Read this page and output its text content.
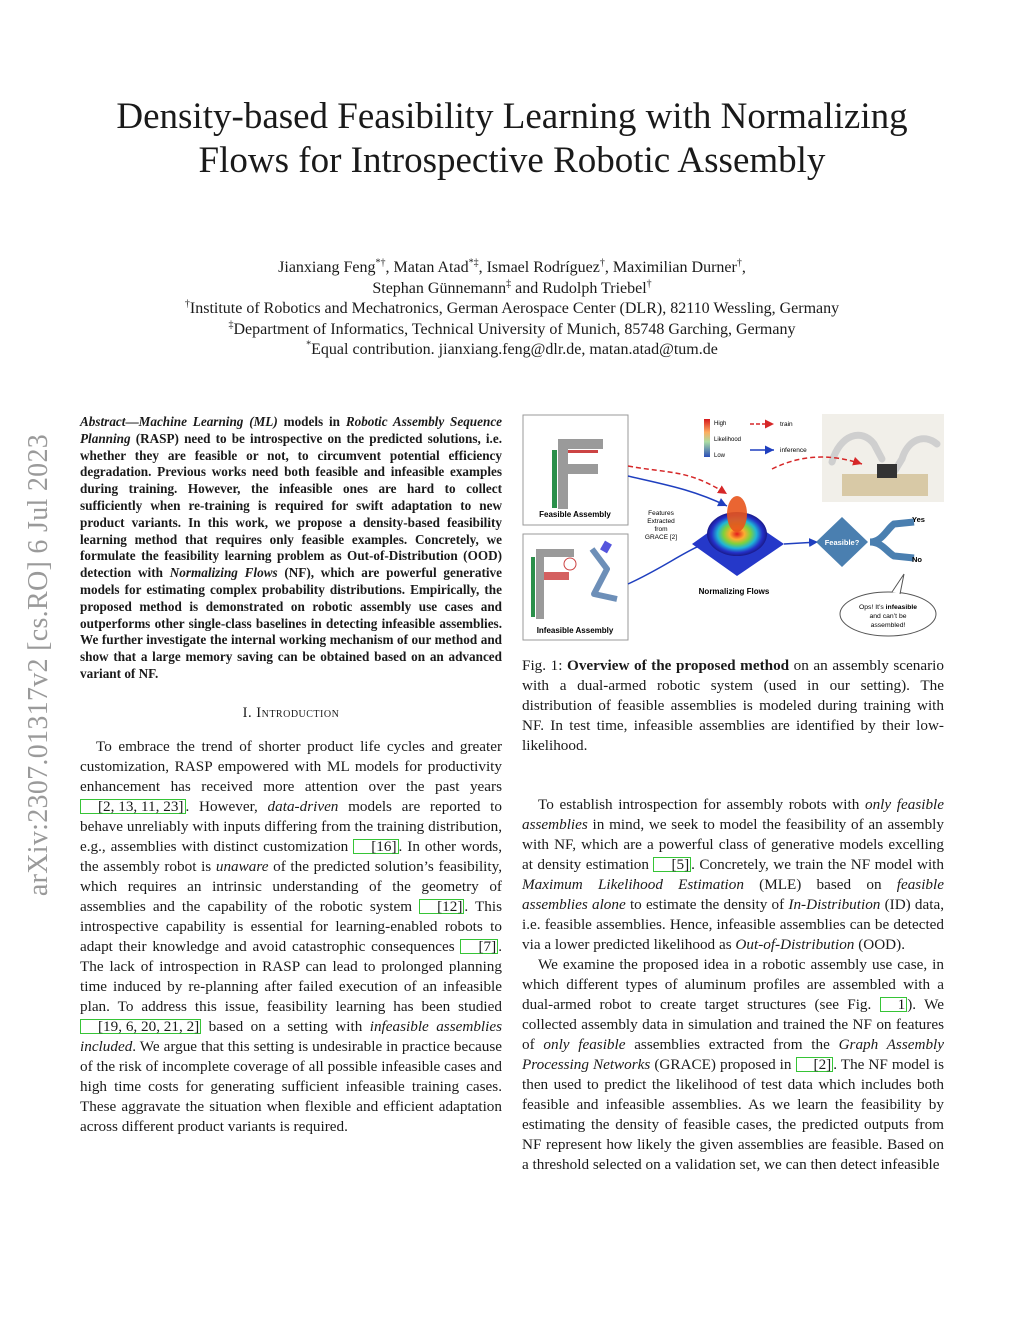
arXiv:2307.01317v2 [cs.RO] 6 Jul 2023
Density-based Feasibility Learning with Normalizing Flows for Introspective Robotic Assembly
Jianxiang Feng*†, Matan Atad*‡, Ismael Rodríguez†, Maximilian Durner†,
Stephan Günnemann‡ and Rudolph Triebel†
†Institute of Robotics and Mechatronics, German Aerospace Center (DLR), 82110 Wessling, Germany
‡Department of Informatics, Technical University of Munich, 85748 Garching, Germany
*Equal contribution. jianxiang.feng@dlr.de, matan.atad@tum.de

Abstract—Machine Learning (ML) models in Robotic Assembly Sequence Planning (RASP) need to be introspective on the predicted solutions, i.e. whether they are feasible or not, to circumvent potential efficiency degradation. Previous works need both feasible and infeasible examples during training. However, the infeasible ones are hard to collect sufficiently when re-training is required for swift adaptation to new product variants. In this work, we propose a density-based feasibility learning method that requires only feasible examples. Concretely, we formulate the feasibility learning problem as Out-of-Distribution (OOD) detection with Normalizing Flows (NF), which are powerful generative models for estimating complex probability distributions. Empirically, the proposed method is demonstrated on robotic assembly use cases and outperforms other single-class baselines in detecting infeasible assemblies. We further investigate the internal working mechanism of our method and show that a large memory saving can be obtained based on an advanced variant of NF.

I. Introduction

To embrace the trend of shorter product life cycles and greater customization, RASP empowered with ML models for productivity enhancement has received more attention over the past years [2, 13, 11, 23] . However, data-driven models are reported to behave unreliably with inputs differing from the training distribution, e.g., assemblies with distinct customization [16] . In other words, the assembly robot is unaware of the predicted solution’s feasibility, which requires an intrinsic understanding of the geometry of assemblies and the capability of the robotic system [12] . This introspective capability is essential for learning-enabled robots to adapt their knowledge and avoid catastrophic consequences [7] . The lack of introspection in RASP can lead to prolonged planning time induced by re-planning after failed execution of an infeasible plan. To address this issue, feasibility learning has been studied [19, 6, 20, 21, 2] based on a setting with infeasible assemblies included. We argue that this setting is undesirable in practice because of the risk of incomplete coverage of all possible infeasible cases and high time costs for generating sufficient infeasible training cases. These aggravate the situation when flexible and efficient adaptation across different product variants is required.

Feasible Assembly
Infeasible Assembly
High
Likelihood
Low
train
inference
Features
Extracted
from
GRACE [2]
Normalizing Flows
Feasible?
Yes
No
Ops! It’s infeasible
and can’t be
assembled!
Fig. 1: Overview of the proposed method on an assembly scenario with a dual-armed robotic system (used in our setting). The distribution of feasible assemblies is modeled during training with NF. In test time, infeasible assemblies are identified by their low-likelihood.

To establish introspection for assembly robots with only feasible assemblies in mind, we seek to model the feasibility of an assembly with NF, which are a powerful class of generative models excelling at density estimation [5] . Concretely, we train the NF model with Maximum Likelihood Estimation (MLE) based on feasible assemblies alone to estimate the density of In-Distribution (ID) data, i.e. feasible assemblies. Hence, infeasible assemblies can be detected via a lower predicted likelihood as Out-of-Distribution (OOD).

We examine the proposed idea in a robotic assembly use case, in which different types of aluminum profiles are assembled with a dual-armed robot to create target structures (see Fig. 1 ). We collected assembly data in simulation and trained the NF on features of only feasible assemblies extracted from the Graph Assembly Processing Networks (GRACE) proposed in [2] . The NF model is then used to predict the likelihood of test data which includes both feasible and infeasible assemblies. As we learn the feasibility by estimating the density of feasible cases, the predicted outputs from NF represent how likely the given assemblies are feasible. Based on a threshold selected on a validation set, we can then detect infeasible
